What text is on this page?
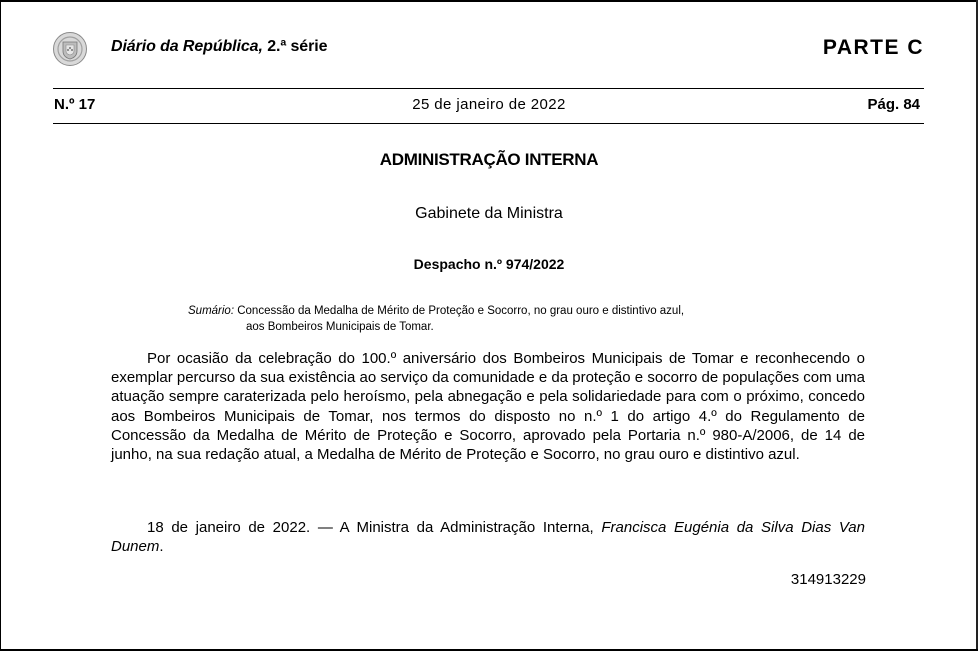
Diário da República, 2.ª série	PARTE C
N.º 17	25 de janeiro de 2022	Pág. 84
ADMINISTRAÇÃO INTERNA
Gabinete da Ministra
Despacho n.º 974/2022
Sumário: Concessão da Medalha de Mérito de Proteção e Socorro, no grau ouro e distintivo azul,
aos Bombeiros Municipais de Tomar.

Por ocasião da celebração do 100.º aniversário dos Bombeiros Municipais de Tomar e reconhecendo o exemplar percurso da sua existência ao serviço da comunidade e da proteção e socorro de populações com uma atuação sempre caraterizada pelo heroísmo, pela abnegação e pela solidariedade para com o próximo, concedo aos Bombeiros Municipais de Tomar, nos termos do disposto no n.º 1 do artigo 4.º do Regulamento de Concessão da Medalha de Mérito de Proteção e Socorro, aprovado pela Portaria n.º 980-A/2006, de 14 de junho, na sua redação atual, a Medalha de Mérito de Proteção e Socorro, no grau ouro e distintivo azul.

18 de janeiro de 2022. — A Ministra da Administração Interna, Francisca Eugénia da Silva Dias Van Dunem.

314913229
